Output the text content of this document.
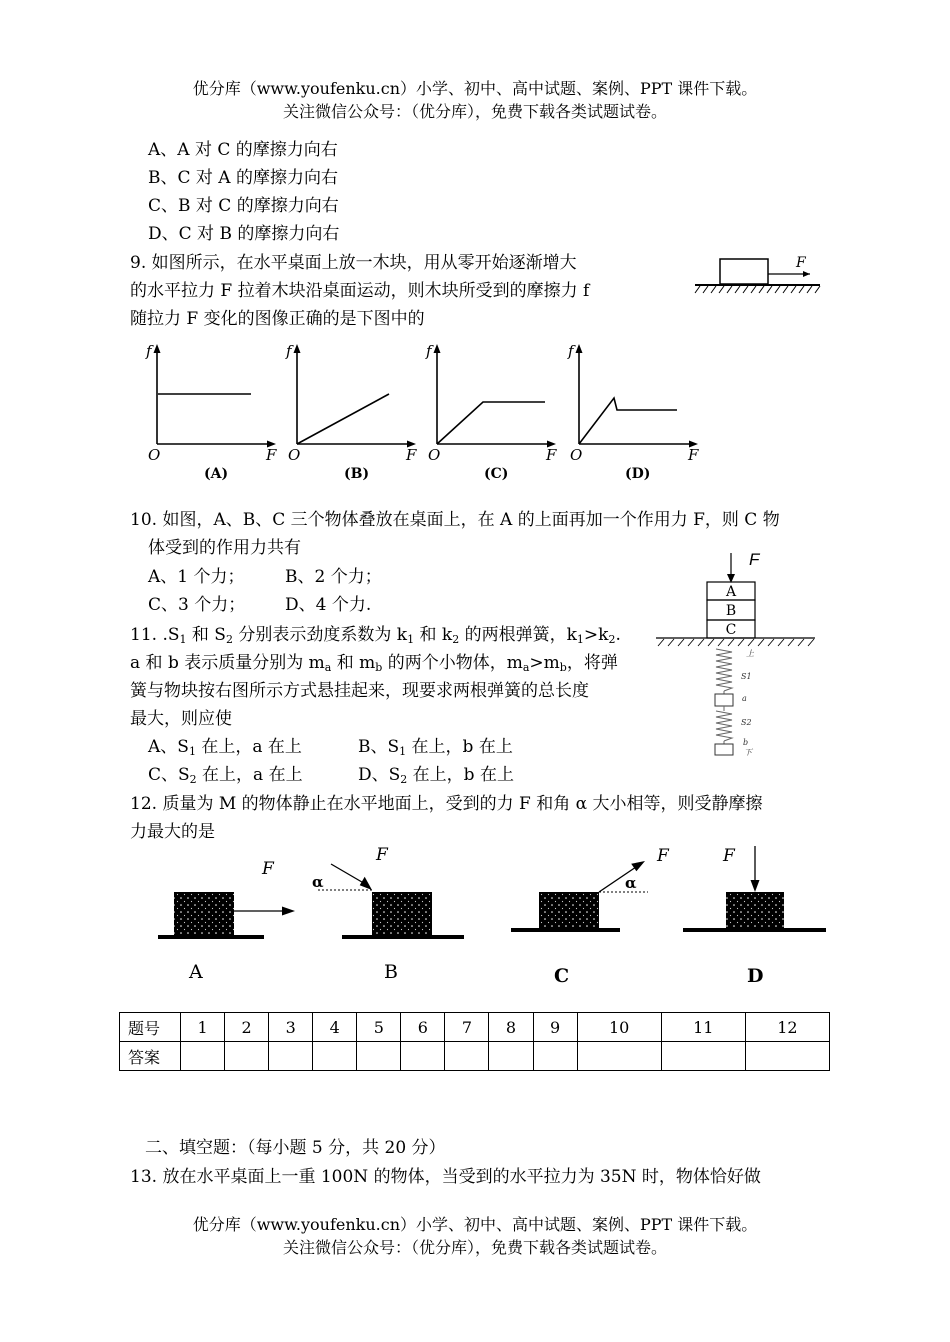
优分库（www.youfenku.cn）小学、初中、高中试题、案例、PPT 课件下载。
关注微信公众号：（优分库），免费下载各类试题试卷。
A、A 对 C 的摩擦力向右
B、C 对 A 的摩擦力向右
C、B 对 C 的摩擦力向右
D、C 对 B 的摩擦力向右
9. 如图所示，在水平桌面上放一木块，用从零开始逐渐增大
的水平拉力 F 拉着木块沿桌面运动，则木块所受到的摩擦力 f
随拉力 F 变化的图像正确的是下图中的
F
f
O	F
(A)
f
O	F
(B)
f
O	F
(C)
f
O	F
(D)
10. 如图，A、B、C 三个物体叠放在桌面上，在 A 的上面再加一个作用力 F，则 C 物
体受到的作用力共有
A、1 个力； B、2 个力；
C、3 个力； D、4 个力.
F
A
B
C
11. $.S_1$ 和 $S_2$ 分别表示劲度系数为 $k_1$ 和 $k_2$ 的两根弹簧，$k_1>k_2$.
a 和 b 表示质量分别为 $m_a$ 和 $m_b$ 的两个小物体，$m_a>m_b$，将弹
簧与物块按右图所示方式悬挂起来，现要求两根弹簧的总长度
最大，则应使
A、$S_1$ 在上，a 在上	B、$S_1$ 在上，b 在上
C、$S_2$ 在上，a 在上	D、$S_2$ 在上，b 在上
上
S1
a
S2
b
下
12. 质量为 M 的物体静止在水平地面上，受到的力 F 和角 α 大小相等，则受静摩擦
力最大的是
F
A
F
α
B
F
α
C
F
D
题号	1	2	3	4	5	6	7	8	9	10	11	12
答案												
二、填空题：（每小题 5 分，共 20 分）
13. 放在水平桌面上一重 100N 的物体，当受到的水平拉力为 35N 时，物体恰好做
优分库（www.youfenku.cn）小学、初中、高中试题、案例、PPT 课件下载。
关注微信公众号：（优分库），免费下载各类试题试卷。
